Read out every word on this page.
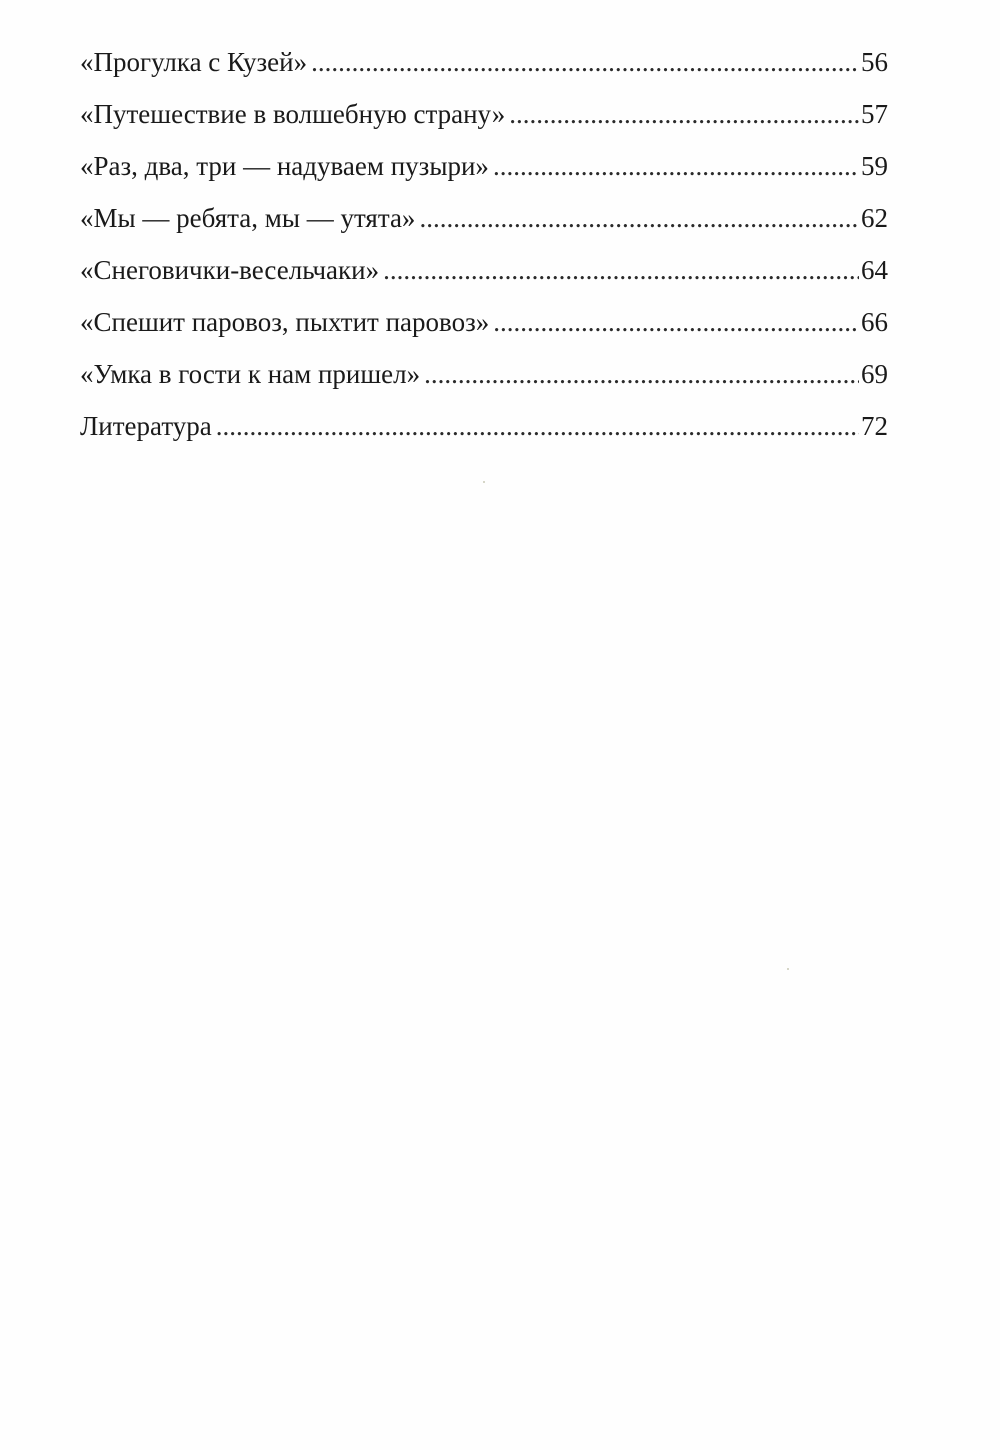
«Прогулка с Кузей» .....	56
«Путешествие в волшебную страну» .....	57
«Раз, два, три — надуваем пузыри» .....	59
«Мы — ребята, мы — утята» .....	62
«Снеговички-весельчаки» .....	64
«Спешит паровоз, пыхтит паровоз» .....	66
«Умка в гости к нам пришел» .....	69
Литература .....	72
